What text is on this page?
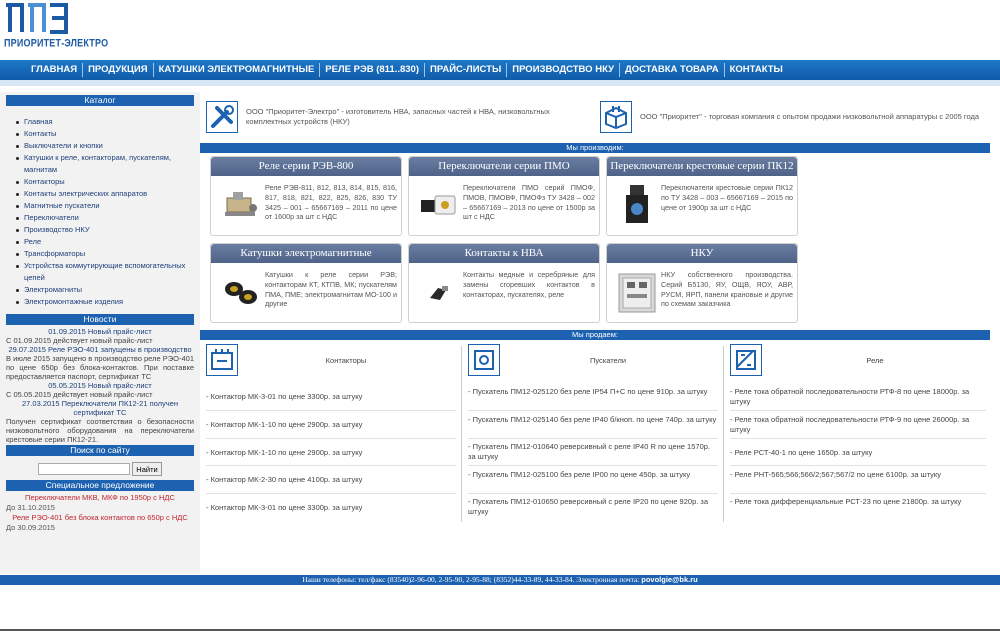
ПРИОРИТЕТ-ЭЛЕКТРО
ГЛАВНАЯ	ПРОДУКЦИЯ	КАТУШКИ ЭЛЕКТРОМАГНИТНЫЕ	РЕЛЕ РЭВ (811..830)	ПРАЙС-ЛИСТЫ	ПРОИЗВОДСТВО НКУ	ДОСТАВКА ТОВАРА	КОНТАКТЫ
Каталог
Главная
Контакты
Выключатели и кнопки
Катушки к реле, контакторам, пускателям, магнитам
Контакторы
Контакты электрических аппаратов
Магнитные пускатели
Переключатели
Производство НКУ
Реле
Трансформаторы
Устройства коммутирующие вспомогательных цепей
Электромагниты
Электромонтажные изделия
Новости
01.09.2015 Новый прайс-лист
С 01.09.2015 действует новый прайс-лист
29.07.2015 Реле РЭО-401 запущены в производство
В июле 2015 запущено в производство реле РЭО-401 по цене 650р без блока-контактов. При поставке предоставляется паспорт, сертификат ТС
05.05.2015 Новый прайс-лист
С 05.05.2015 действует новый прайс-лист
27.03.2015 Переключатели ПК12-21 получен сертификат ТС
Получен сертификат соответствия о безопасности низковольтного оборудования на переключатели крестовые серии ПК12-21.
Поиск по сайту
Найти
Специальное предложение
Переключатели МКВ, МКФ по 1950р с НДС
До 31.10.2015
Реле РЭО-401 без блока контактов по 650р с НДС
До 30.09.2015
ООО "Приоритет-Электро" - изготовитель НВА, запасных частей к НВА, низковольтных комплектных устройств (НКУ)
ООО "Приоритет" - торговая компания с опытом продажи низковольтной аппаратуры с 2005 года
Мы производим:
Реле серии РЭВ-800
Реле РЭВ-811, 812, 813, 814, 815, 816, 817, 818, 821, 822, 825, 826, 830 ТУ 3425 – 001 – 65667169 – 2011 по цене от 1600р за шт с НДС
Переключатели серии ПМО
Переключатели ПМО серий ПМОФ, ПМОВ, ПМОВФ, ПМОФз ТУ 3428 – 002 – 65667169 – 2013 по цене от 1500р за шт с НДС
Переключатели крестовые серии ПК12
Переключатели крестовые серии ПК12 по ТУ 3428 – 003 – 65667169 – 2015 по цене от 1900р за шт с НДС
Катушки электромагнитные
Катушки к реле серии РЭВ; контакторам КТ, КТПВ, МК; пускателям ПМА, ПМЕ; электромагнитам МО-100 и другие
Контакты к НВА
Контакты медные и серебряные для замены сгоревших контактов в контакторах, пускателях, реле
НКУ
НКУ собственного производства. Серий Б5130, ЯУ, ОЩВ, ЯОУ, АВР, РУСМ, ЯРП, панели крановые и другие по схемам заказчика
Мы продаем:
Контакторы	Пускатели	Реле
- Контактор МК-3-01 по цене 3300р. за штуку
- Контактор МК-1-10 по цене 2900р. за штуку
- Контактор МК-1-10 по цене 2900р. за штуку
- Контактор МК-2-30 по цене 4100р. за штуку
- Контактор МК-3-01 по цене 3300р. за штуку
- Пускатель ПМ12-025120 без реле IP54 П+С по цене 910р. за штуку
- Пускатель ПМ12-025140 без реле IP40 б/кноп. по цене 740р. за штуку
- Пускатель ПМ12-010640 реверсивный с реле IP40 R по цене 1570р. за штуку
- Пускатель ПМ12-025100 без реле IP00 по цене 450р. за штуку
- Пускатель ПМ12-010650 реверсивный с реле IP20 по цене 920р. за штуку
- Реле тока обратной последовательности РТФ-8 по цене 18000р. за штуку
- Реле тока обратной последовательности РТФ-9 по цене 26000р. за штуку
- Реле РСТ-40-1 по цене 1650р. за штуку
- Реле РНТ-565;566;566/2;567;567/2 по цене 6100р. за штуку
- Реле тока дифференциальные РСТ-23 по цене 21800р. за штуку
Наши телефоны: тел/факс (83540)2-96-00, 2-95-90, 2-95-88; (8352)44-33-89, 44-33-84. Электронная почта: povolgie@bk.ru
